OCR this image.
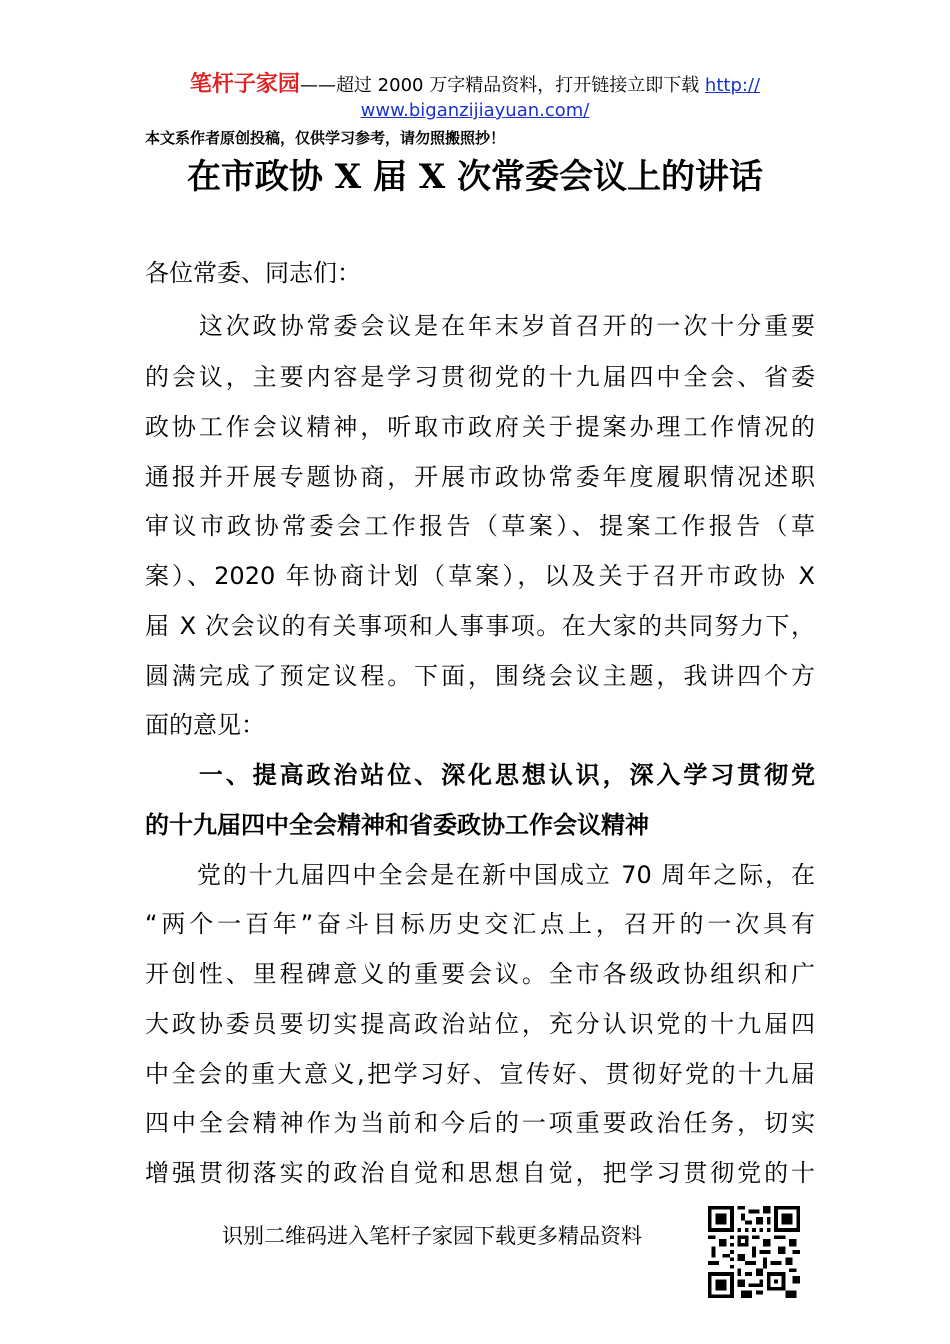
笔杆子家园——超过 2000 万字精品资料，打开链接立即下载 http://
www.biganzijiayuan.com/
本文系作者原创投稿，仅供学习参考，请勿照搬照抄！
在市政协 X 届 X 次常委会议上的讲话
各位常委、同志们：
　　这次政协常委会议是在年末岁首召开的一次十分重要
的会议，主要内容是学习贯彻党的十九届四中全会、省委
政协工作会议精神，听取市政府关于提案办理工作情况的
通报并开展专题协商，开展市政协常委年度履职情况述职
审议市政协常委会工作报告（草案）、提案工作报告（草
案）、2020 年协商计划（草案），以及关于召开市政协 X
届 X 次会议的有关事项和人事事项。在大家的共同努力下，
圆满完成了预定议程。下面，围绕会议主题，我讲四个方
面的意见：
　　一、提高政治站位、深化思想认识，深入学习贯彻党
的十九届四中全会精神和省委政协工作会议精神
　　党的十九届四中全会是在新中国成立 70 周年之际，在
“两个一百年”奋斗目标历史交汇点上，召开的一次具有
开创性、里程碑意义的重要会议。全市各级政协组织和广
大政协委员要切实提高政治站位，充分认识党的十九届四
中全会的重大意义,把学习好、宣传好、贯彻好党的十九届
四中全会精神作为当前和今后的一项重要政治任务，切实
增强贯彻落实的政治自觉和思想自觉，把学习贯彻党的十
识别二维码进入笔杆子家园下载更多精品资料
